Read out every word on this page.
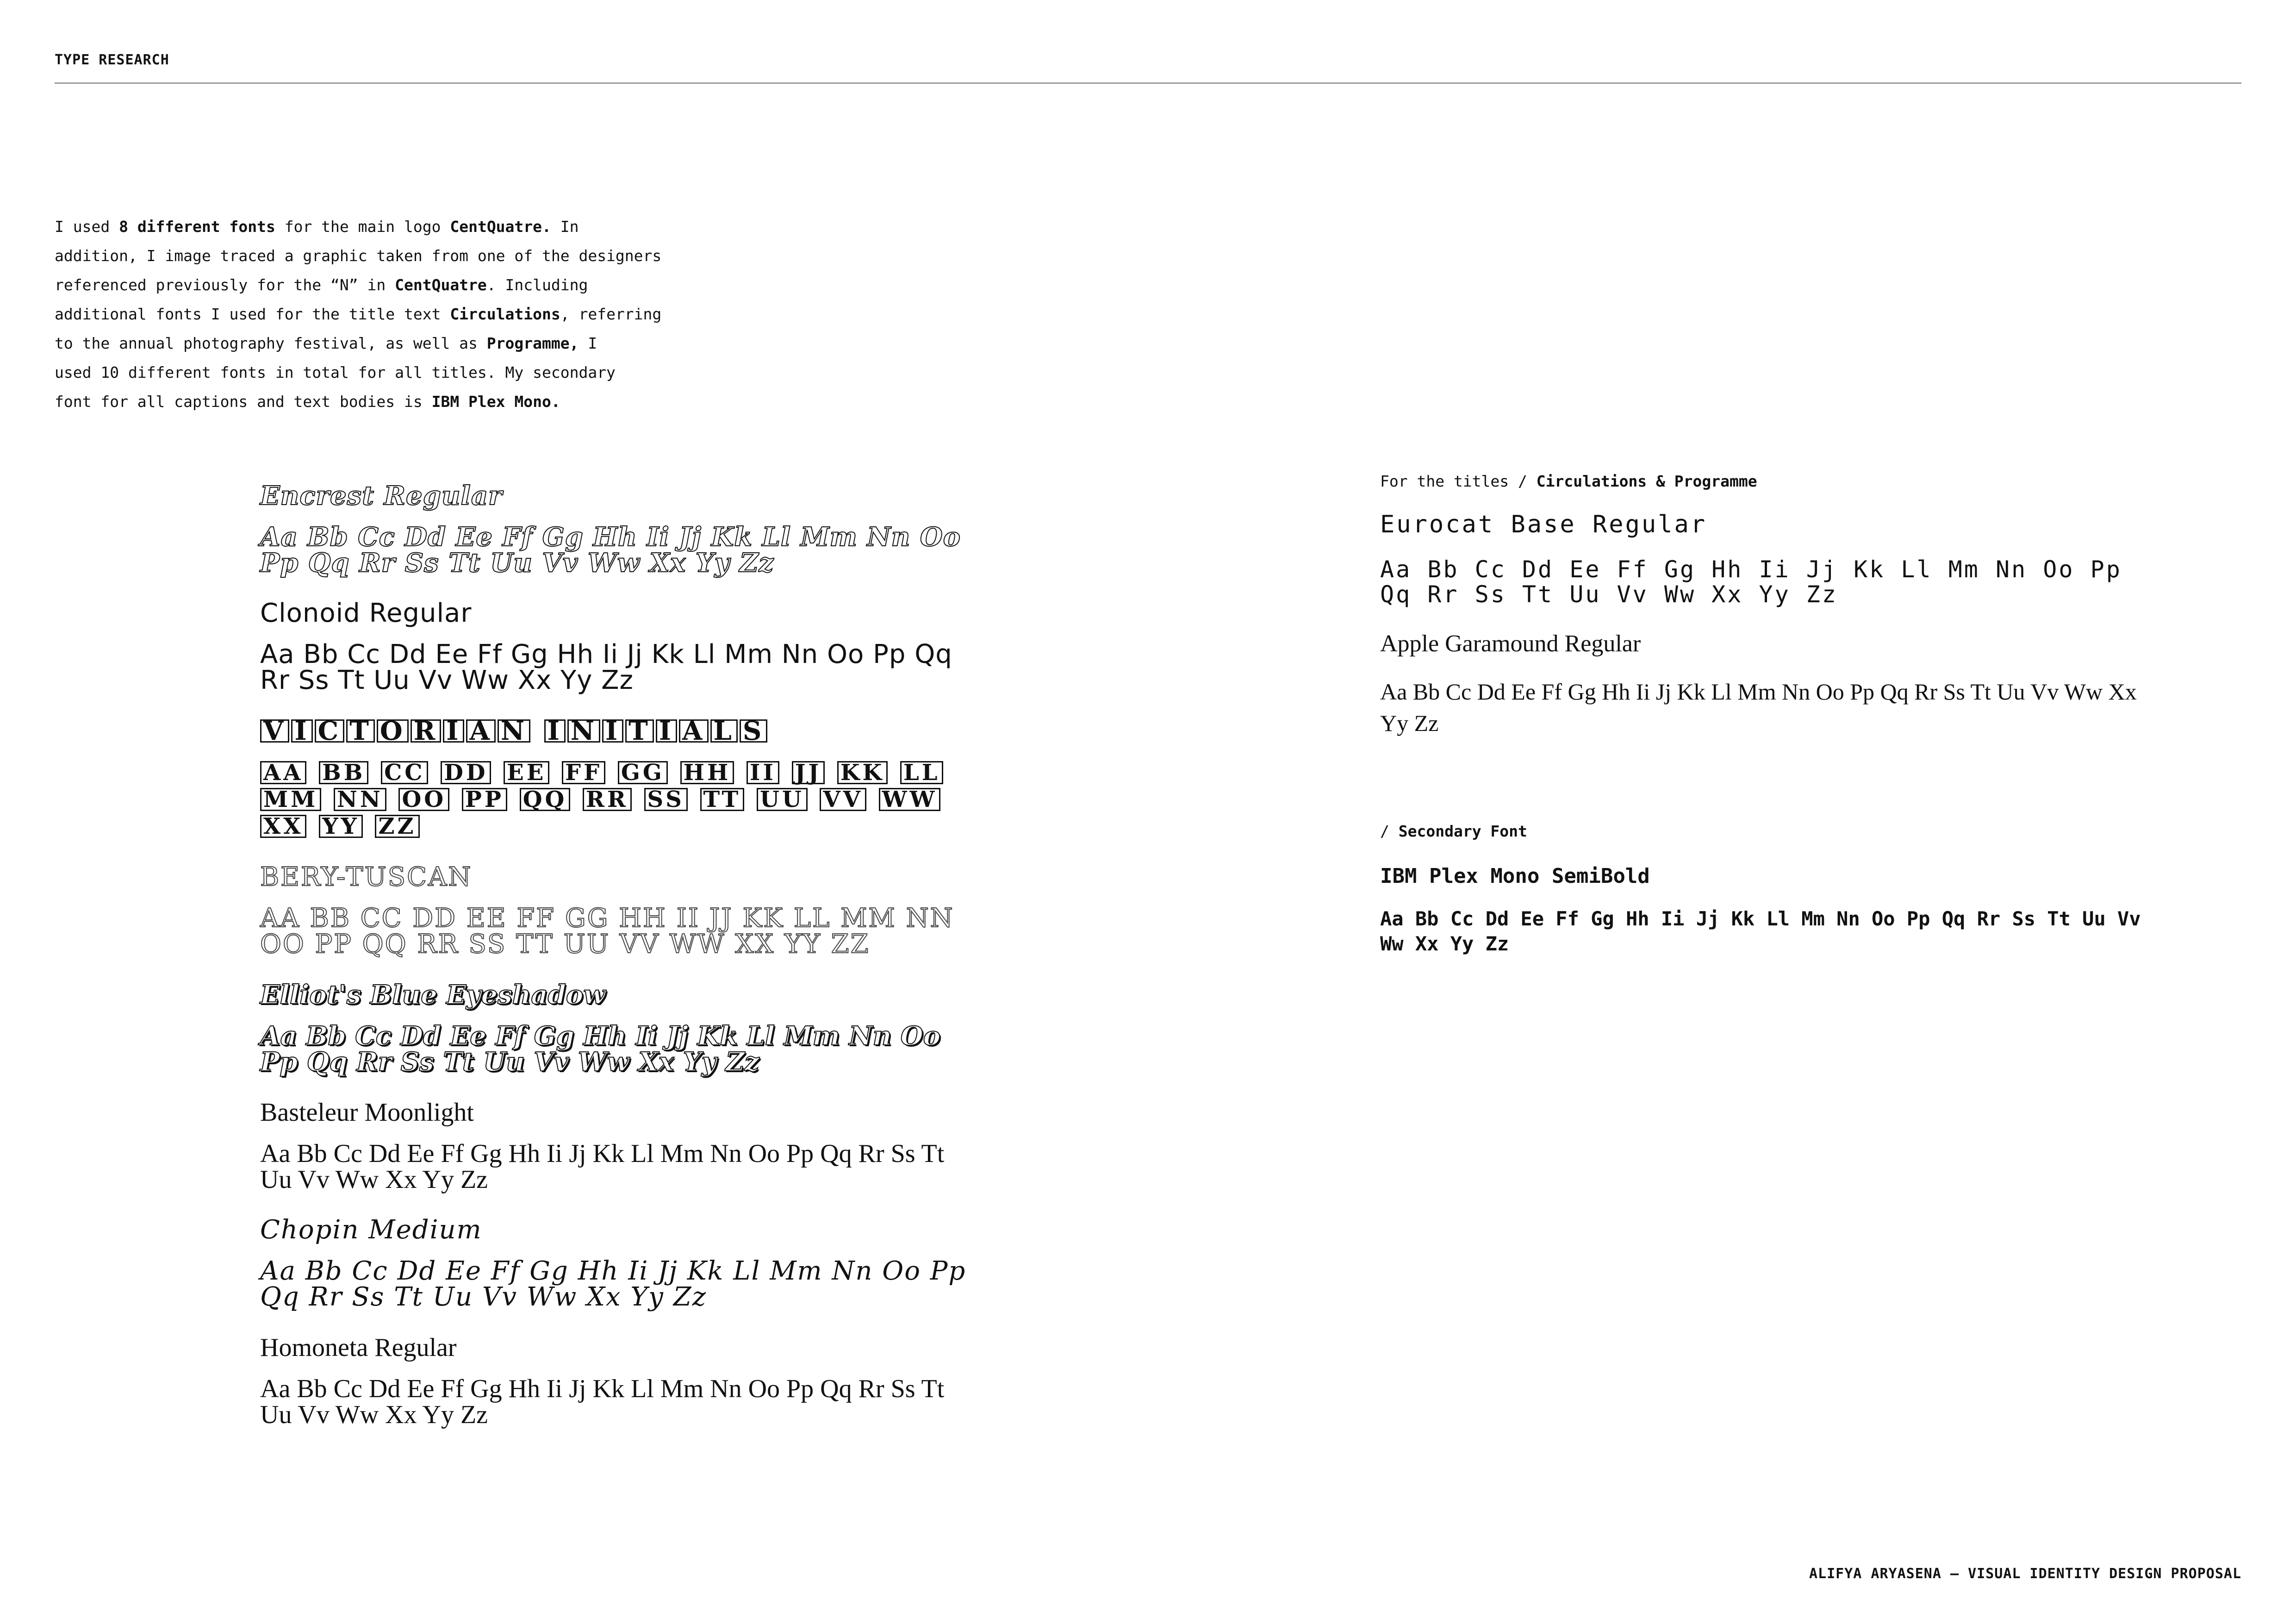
TYPE RESEARCH
I used 8 different fonts for the main logo CentQuatre. In
addition, I image traced a graphic taken from one of the designers
referenced previously for the “N” in CentQuatre. Including
additional fonts I used for the title text Circulations, referring
to the annual photography festival, as well as Programme, I
used 10 different fonts in total for all titles. My secondary
font for all captions and text bodies is IBM Plex Mono.
Encrest Regular
Aa Bb Cc Dd Ee Ff Gg Hh Ii Jj Kk Ll Mm Nn Oo Pp Qq Rr Ss Tt Uu Vv Ww Xx Yy Zz
Clonoid Regular
Aa Bb Cc Dd Ee Ff Gg Hh Ii Jj Kk Ll Mm Nn Oo Pp Qq Rr Ss Tt Uu Vv Ww Xx Yy Zz
V I C T O R I A N I N I T I A L S
AA BB CC DD EE FF GG HH II JJ KK LL MM NN OO PP QQ RR SS TT UU VV WW XX YY ZZ
BERY-TUSCAN
AA BB CC DD EE FF GG HH II JJ KK LL MM NN OO PP QQ RR SS TT UU VV WW XX YY ZZ
Elliot's Blue Eyeshadow
Aa Bb Cc Dd Ee Ff Gg Hh Ii Jj Kk Ll Mm Nn Oo Pp Qq Rr Ss Tt Uu Vv Ww Xx Yy Zz
Basteleur Moonlight
Aa Bb Cc Dd Ee Ff Gg Hh Ii Jj Kk Ll Mm Nn Oo Pp Qq Rr Ss Tt Uu Vv Ww Xx Yy Zz
Chopin Medium
Aa Bb Cc Dd Ee Ff Gg Hh Ii Jj Kk Ll Mm Nn Oo Pp Qq Rr Ss Tt Uu Vv Ww Xx Yy Zz
Homoneta Regular
Aa Bb Cc Dd Ee Ff Gg Hh Ii Jj Kk Ll Mm Nn Oo Pp Qq Rr Ss Tt Uu Vv Ww Xx Yy Zz
For the titles / Circulations & Programme
Eurocat Base Regular
Aa Bb Cc Dd Ee Ff Gg Hh Ii Jj Kk Ll Mm Nn Oo Pp Qq Rr Ss Tt Uu Vv Ww Xx Yy Zz
Apple Garamound Regular
Aa Bb Cc Dd Ee Ff Gg Hh Ii Jj Kk Ll Mm Nn Oo Pp Qq Rr Ss Tt Uu Vv Ww Xx Yy Zz
/ Secondary Font
IBM Plex Mono SemiBold
Aa Bb Cc Dd Ee Ff Gg Hh Ii Jj Kk Ll Mm Nn Oo Pp Qq Rr Ss Tt Uu Vv Ww Xx Yy Zz
ALIFYA ARYASENA — VISUAL IDENTITY DESIGN PROPOSAL
